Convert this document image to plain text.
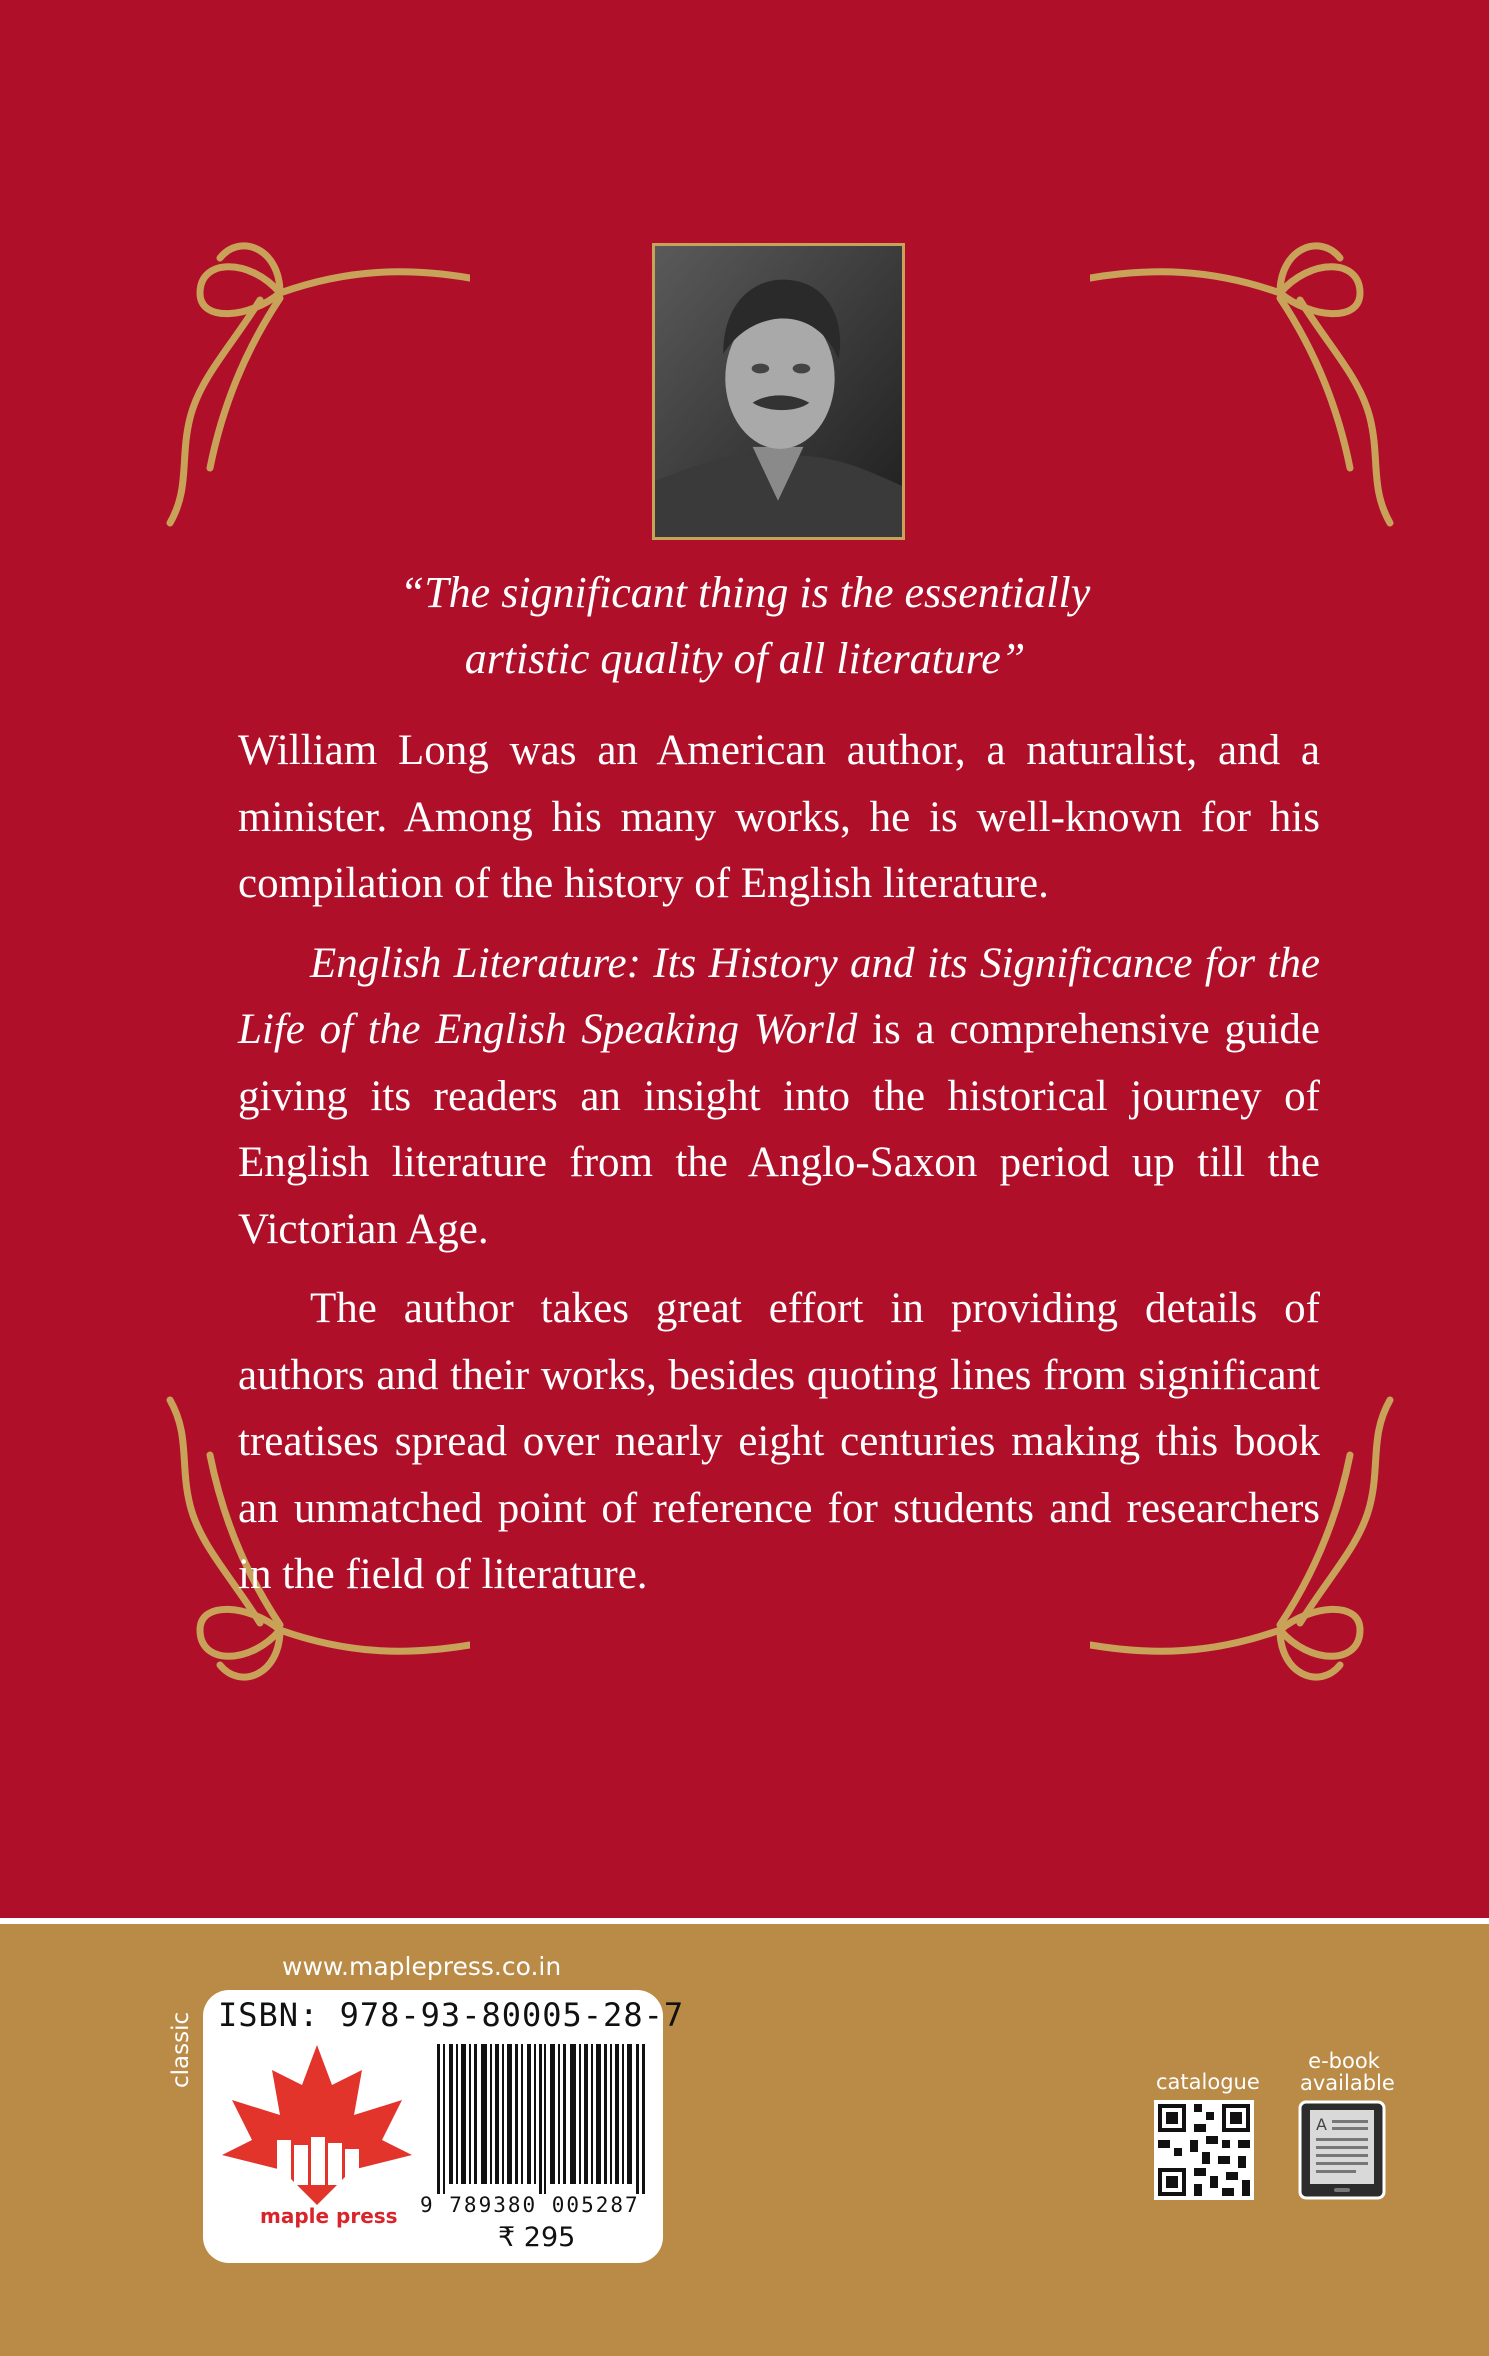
“The significant thing is the essentially
artistic quality of all literature”

William Long was an American author, a naturalist, and a minister. Among his many works, he is well-known for his compilation of the history of English literature.

English Literature: Its History and its Significance for the Life of the English Speaking World is a comprehensive guide giving its readers an insight into the historical journey of English literature from the Anglo-Saxon period up till the Victorian Age.

The author takes great effort in providing details of authors and their works, besides quoting lines from significant treatises spread over nearly eight centuries making this book an unmatched point of reference for students and researchers in the field of literature.

www.maplepress.co.in
classic ISBN: 978-93-80005-28-7
maple press 9 789380 005287
₹ 295
catalogue
e-book
available
A
